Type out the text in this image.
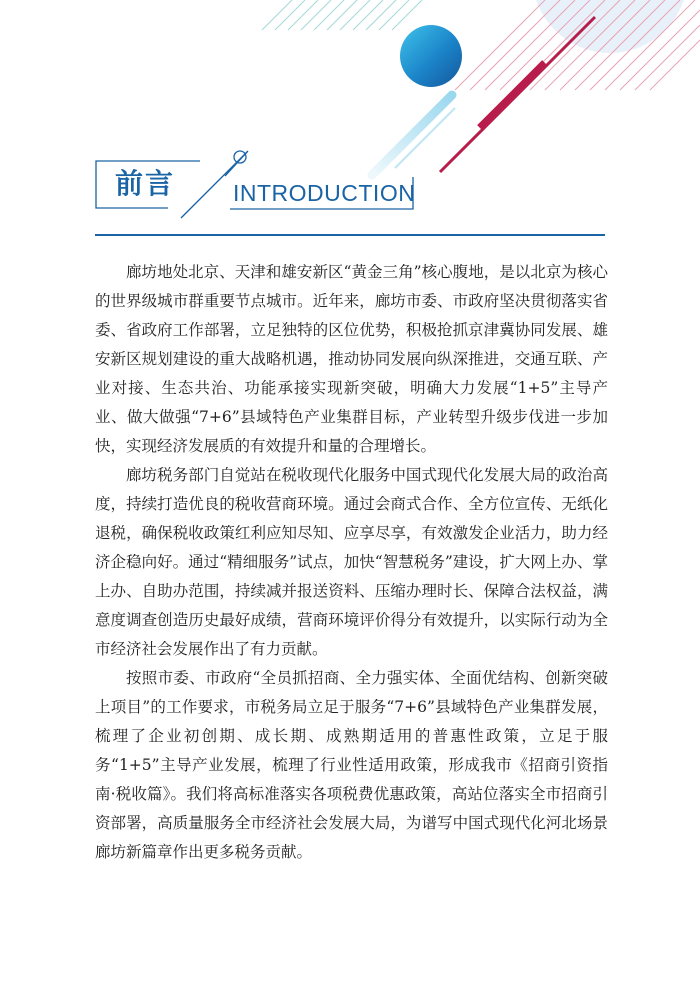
前言	INTRODUCTION

廊坊地处北京、天津和雄安新区“黄金三角”核心腹地，是以北京为核心的世界级城市群重要节点城市。近年来，廊坊市委、市政府坚决贯彻落实省委、省政府工作部署，立足独特的区位优势，积极抢抓京津冀协同发展、雄安新区规划建设的重大战略机遇，推动协同发展向纵深推进，交通互联、产业对接、生态共治、功能承接实现新突破，明确大力发展“1+5”主导产业、做大做强“7+6”县域特色产业集群目标，产业转型升级步伐进一步加快，实现经济发展质的有效提升和量的合理增长。

廊坊税务部门自觉站在税收现代化服务中国式现代化发展大局的政治高度，持续打造优良的税收营商环境。通过会商式合作、全方位宣传、无纸化退税，确保税收政策红利应知尽知、应享尽享，有效激发企业活力，助力经济企稳向好。通过“精细服务”试点，加快“智慧税务”建设，扩大网上办、掌上办、自助办范围，持续减并报送资料、压缩办理时长、保障合法权益，满意度调查创造历史最好成绩，营商环境评价得分有效提升，以实际行动为全市经济社会发展作出了有力贡献。

按照市委、市政府“全员抓招商、全力强实体、全面优结构、创新突破上项目”的工作要求，市税务局立足于服务“7+6”县域特色产业集群发展，梳理了企业初创期、成长期、成熟期适用的普惠性政策，立足于服务“1+5”主导产业发展，梳理了行业性适用政策，形成我市《招商引资指南·税收篇》。我们将高标准落实各项税费优惠政策，高站位落实全市招商引资部署，高质量服务全市经济社会发展大局，为谱写中国式现代化河北场景廊坊新篇章作出更多税务贡献。
